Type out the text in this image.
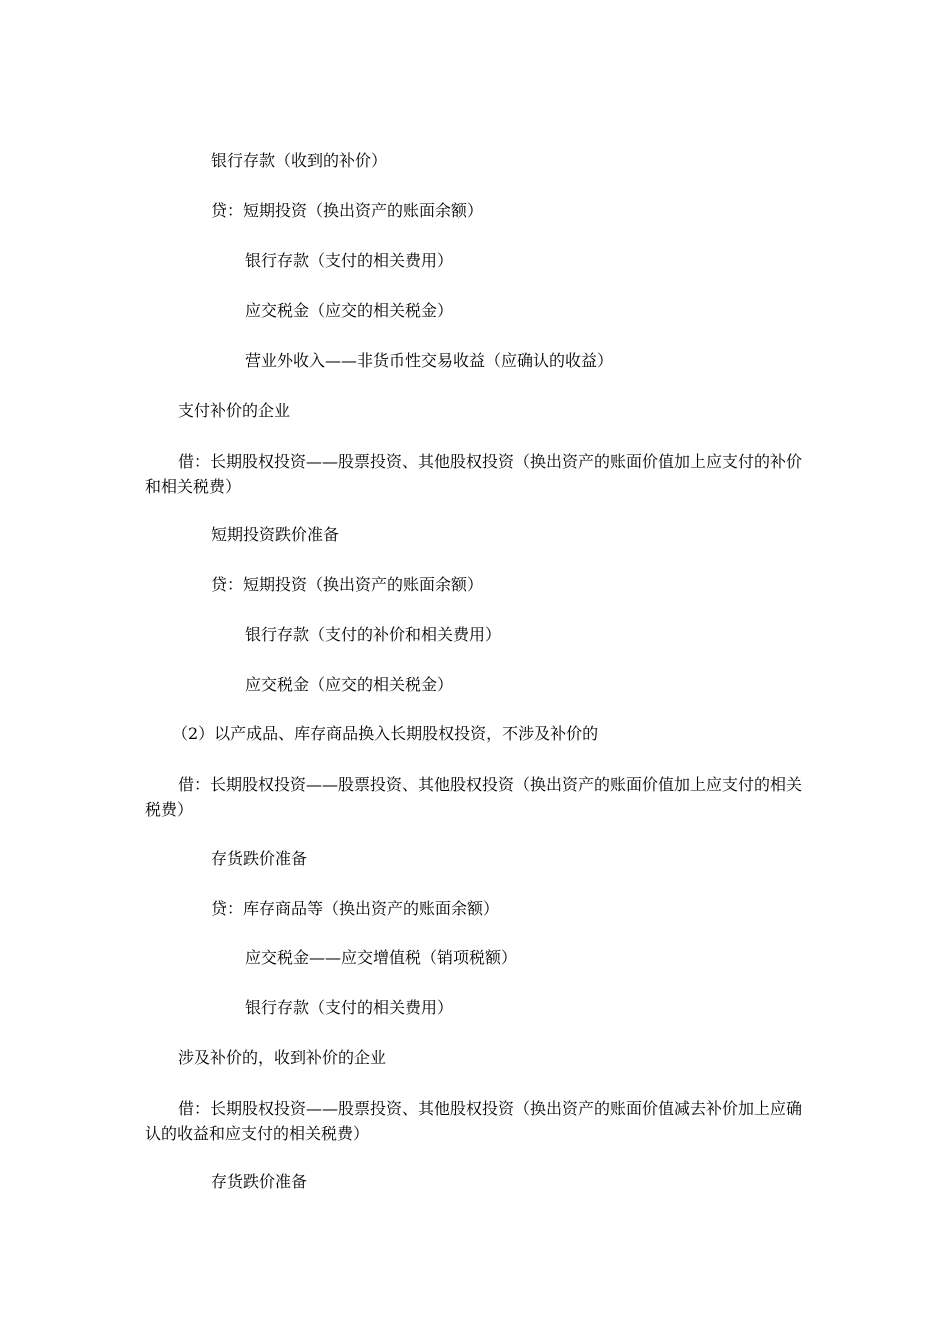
银行存款（收到的补价）
贷：短期投资（换出资产的账面余额）
银行存款（支付的相关费用）
应交税金（应交的相关税金）
营业外收入——非货币性交易收益（应确认的收益）
支付补价的企业
借：长期股权投资——股票投资、其他股权投资（换出资产的账面价值加上应支付的补价和相关税费）
短期投资跌价准备
贷：短期投资（换出资产的账面余额）
银行存款（支付的补价和相关费用）
应交税金（应交的相关税金）
（2）以产成品、库存商品换入长期股权投资，不涉及补价的
借：长期股权投资——股票投资、其他股权投资（换出资产的账面价值加上应支付的相关税费）
存货跌价准备
贷：库存商品等（换出资产的账面余额）
应交税金——应交增值税（销项税额）
银行存款（支付的相关费用）
涉及补价的，收到补价的企业
借：长期股权投资——股票投资、其他股权投资（换出资产的账面价值减去补价加上应确认的收益和应支付的相关税费）
存货跌价准备
